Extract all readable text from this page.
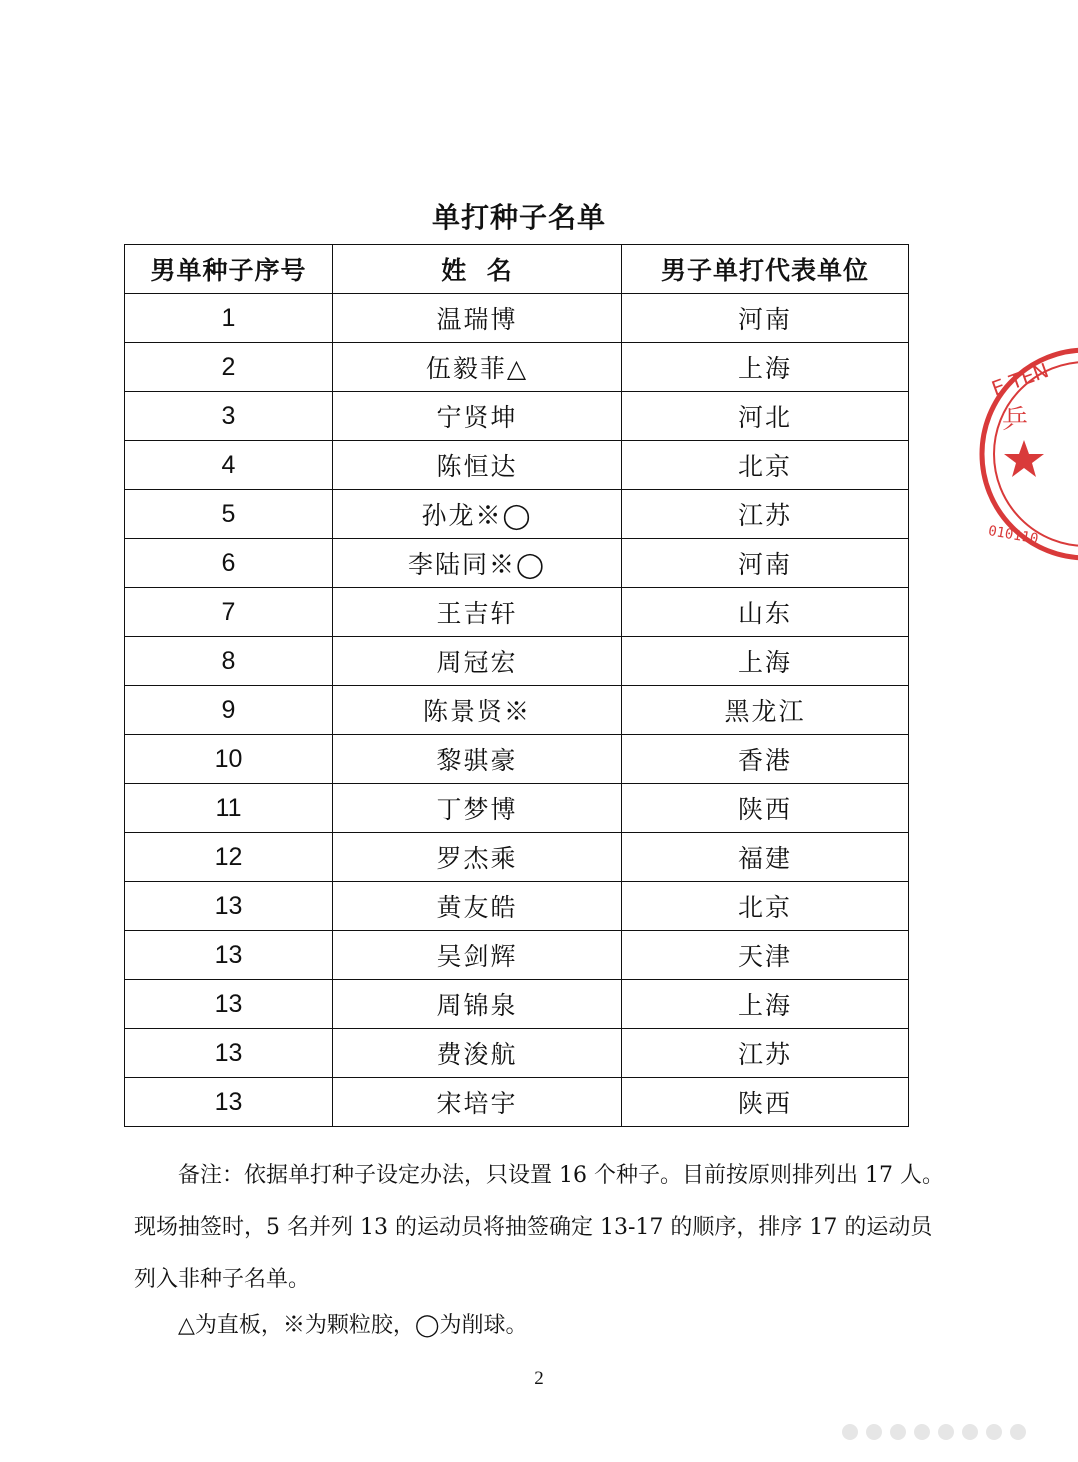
单打种子名单
男单种子序号	姓  名	男子单打代表单位
1	温瑞博	河南
2	伍毅菲△	上海
3	宁贤坤	河北
4	陈恒达	北京
5	孙龙※◯	江苏
6	李陆同※◯	河南
7	王吉轩	山东
8	周冠宏	上海
9	陈景贤※	黑龙江
10	黎骐豪	香港
11	丁梦博	陕西
12	罗杰乘	福建
13	黄友皓	北京
13	吴剑辉	天津
13	周锦泉	上海
13	费浚航	江苏
13	宋培宇	陕西

备注：依据单打种子设定办法，只设置 16 个种子。目前按原则排列出 17 人。现场抽签时，5 名并列 13 的运动员将抽签确定 13-17 的顺序，排序 17 的运动员列入非种子名单。

△为直板，※为颗粒胶，◯为削球。
2
E TEN
乒
010110
